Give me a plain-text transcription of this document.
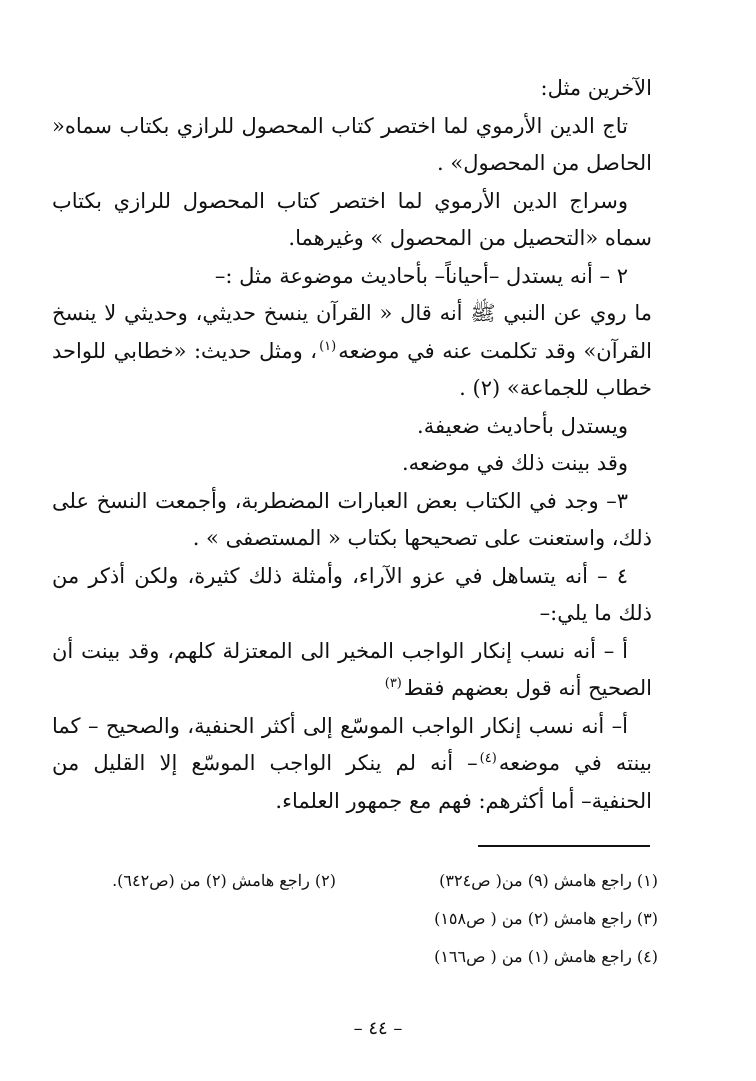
الآخرين مثل:

تاج الدين الأرموي لما اختصر كتاب المحصول للرازي بكتاب سماه« الحاصل من المحصول» .

وسراج الدين الأرموي لما اختصر كتاب المحصول للرازي بكتاب سماه «التحصيل من المحصول » وغيرهما.

٢ – أنه يستدل –أحياناً– بأحاديث موضوعة مثل :–

ما روي عن النبي ﷺ أنه قال « القرآن ينسخ حديثي، وحديثي لا ينسخ القرآن» وقد تكلمت عنه في موضعه$^{(١)}$، ومثل حديث: «خطابي للواحد خطاب للجماعة» (٢) .

ويستدل بأحاديث ضعيفة.

وقد بينت ذلك في موضعه.

٣– وجد في الكتاب بعض العبارات المضطربة، وأجمعت النسخ على ذلك، واستعنت على تصحيحها بكتاب « المستصفى » .

٤ – أنه يتساهل في عزو الآراء، وأمثلة ذلك كثيرة، ولكن أذكر من ذلك ما يلي:–

أ – أنه نسب إنكار الواجب المخير الى المعتزلة كلهم، وقد بينت أن الصحيح أنه قول بعضهم فقط$^{(٣)}$

أ– أنه نسب إنكار الواجب الموسّع إلى أكثر الحنفية، والصحيح – كما بينته في موضعه$^{(٤)}$– أنه لم ينكر الواجب الموسّع إلا القليل من الحنفية– أما أكثرهم: فهم مع جمهور العلماء.

(١) راجع هامش (٩) من( ص٣٢٤)
(٢) راجع هامش (٢) من (ص٦٤٢).
(٣) راجع هامش (٢) من ( ص١٥٨)
(٤) راجع هامش (١) من ( ص١٦٦)
– ٤٤ –
